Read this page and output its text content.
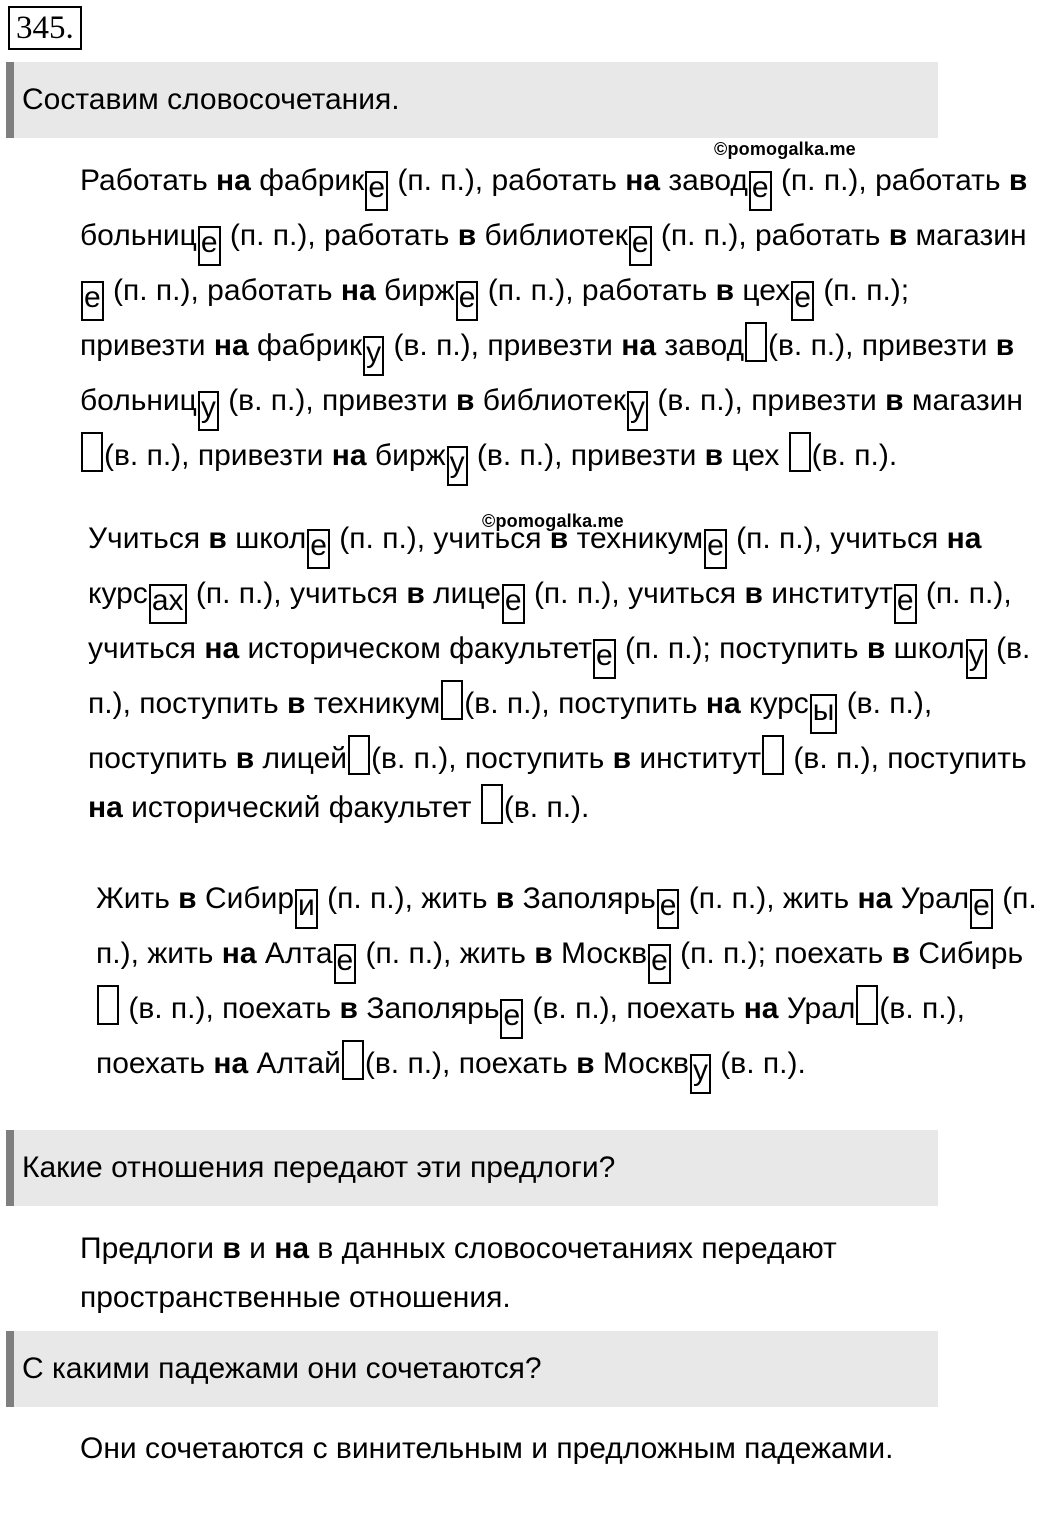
345.
Составим словосочетания.
©pomogalka.me

Работать на фабрик е (п. п.), работать на завод е (п. п.), работать в больниц е (п. п.), работать в библиотек е (п. п.), работать в магазине (п. п.), работать на бирж е (п. п.), работать в цех е (п. п.); привезти на фабрик у (в. п.), привезти на завод (в. п.), привезти в больниц у (в. п.), привезти в библиотек у (в. п.), привезти в магазин(в. п.), привезти на бирж у (в. п.), привезти в цех (в. п.).

©pomogalka.me

Учиться в школ е (п. п.), учиться в техникум е (п. п.), учиться на курс ах (п. п.), учиться в лице е (п. п.), учиться в институт е (п. п.), учиться на историческом факультет е (п. п.); поступить в школ у (в. п.), поступить в техникум (в. п.), поступить на курс ы (в. п.), поступить в лицей (в. п.), поступить в институт (в. п.), поступить на исторический факультет (в. п.).

Жить в Сибир и (п. п.), жить в Заполярь е (п. п.), жить на Урал е (п. п.), жить на Алта е (п. п.), жить в Москв е (п. п.); поехать в Сибирь (в. п.), поехать в Заполярь е (в. п.), поехать на Урал (в. п.), поехать на Алтай (в. п.), поехать в Москв у (в. п.).

Какие отношения передают эти предлоги?

Предлоги в и на в данных словосочетаниях передают пространственные отношения.

С какими падежами они сочетаются?

Они сочетаются с винительным и предложным падежами.
